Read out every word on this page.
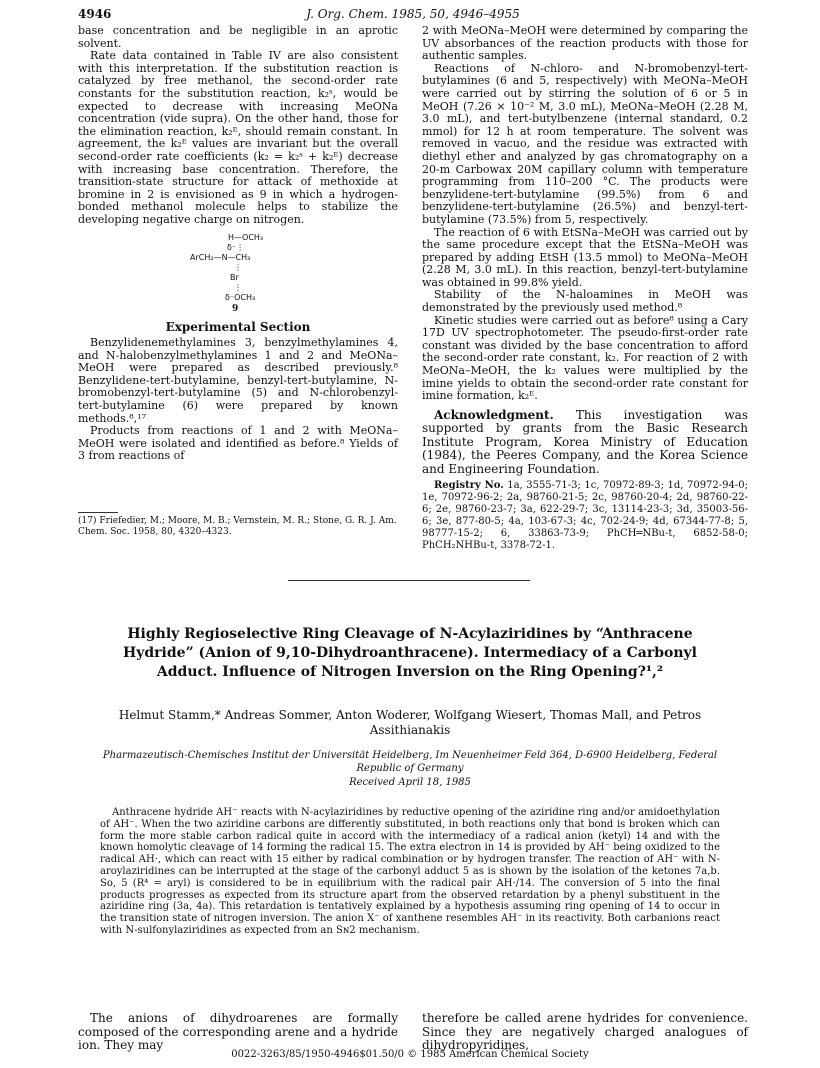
4946	J. Org. Chem. 1985, 50, 4946–4955

base concentration and be negligible in an aprotic solvent.

Rate data contained in Table IV are also consistent with this interpretation. If the substitution reaction is catalyzed by free methanol, the second-order rate constants for the substitution reaction, k₂ˢ, would be expected to decrease with increasing MeONa concentration (vide supra). On the other hand, those for the elimination reaction, k₂ᴱ, should remain constant. In agreement, the k₂ᴱ values are invariant but the overall second-order rate coefficients (k₂ = k₂ˢ + k₂ᴱ) decrease with increasing base concentration. Therefore, the transition-state structure for attack of methoxide at bromine in 2 is envisioned as 9 in which a hydrogen-bonded methanol molecule helps to stabilize the developing negative charge on nitrogen.

H—OCH₃
δ⁻⋮
ArCH₂—N—CH₃
⋮
Br
⋮
δ⁻OCH₃
9
Experimental Section

Benzylidenemethylamines 3, benzylmethylamines 4, and N-halobenzylmethylamines 1 and 2 and MeONa–MeOH were prepared as described previously.⁸ Benzylidene-tert-butylamine, benzyl-tert-butylamine, N-bromobenzyl-tert-butylamine (5) and N-chlorobenzyl-tert-butylamine (6) were prepared by known methods.⁸,¹⁷

Products from reactions of 1 and 2 with MeONa–MeOH were isolated and identified as before.⁸ Yields of 3 from reactions of

(17) Friefedier, M.; Moore, M. B.; Vernstein, M. R.; Stone, G. R. J. Am. Chem. Soc. 1958, 80, 4320–4323.

2 with MeONa–MeOH were determined by comparing the UV absorbances of the reaction products with those for authentic samples.

Reactions of N-chloro- and N-bromobenzyl-tert-butylamines (6 and 5, respectively) with MeONa–MeOH were carried out by stirring the solution of 6 or 5 in MeOH (7.26 × 10⁻² M, 3.0 mL), MeONa–MeOH (2.28 M, 3.0 mL), and tert-butylbenzene (internal standard, 0.2 mmol) for 12 h at room temperature. The solvent was removed in vacuo, and the residue was extracted with diethyl ether and analyzed by gas chromatography on a 20-m Carbowax 20M capillary column with temperature programming from 110–200 °C. The products were benzylidene-tert-butylamine (99.5%) from 6 and benzylidene-tert-butylamine (26.5%) and benzyl-tert-butylamine (73.5%) from 5, respectively.

The reaction of 6 with EtSNa–MeOH was carried out by the same procedure except that the EtSNa–MeOH was prepared by adding EtSH (13.5 mmol) to MeONa–MeOH (2.28 M, 3.0 mL). In this reaction, benzyl-tert-butylamine was obtained in 99.8% yield.

Stability of the N-haloamines in MeOH was demonstrated by the previously used method.⁸

Kinetic studies were carried out as before⁸ using a Cary 17D UV spectrophotometer. The pseudo-first-order rate constant was divided by the base concentration to afford the second-order rate constant, k₂. For reaction of 2 with MeONa–MeOH, the k₂ values were multiplied by the imine yields to obtain the second-order rate constant for imine formation, k₂ᴱ.

Acknowledgment. This investigation was supported by grants from the Basic Research Institute Program, Korea Ministry of Education (1984), the Peeres Company, and the Korea Science and Engineering Foundation.

Registry No. 1a, 3555-71-3; 1c, 70972-89-3; 1d, 70972-94-0; 1e, 70972-96-2; 2a, 98760-21-5; 2c, 98760-20-4; 2d, 98760-22-6; 2e, 98760-23-7; 3a, 622-29-7; 3c, 13114-23-3; 3d, 35003-56-6; 3e, 877-80-5; 4a, 103-67-3; 4c, 702-24-9; 4d, 67344-77-8; 5, 98777-15-2; 6, 33863-73-9; PhCH═NBu-t, 6852-58-0; PhCH₂NHBu-t, 3378-72-1.

Highly Regioselective Ring Cleavage of N-Acylaziridines by “Anthracene Hydride” (Anion of 9,10-Dihydroanthracene). Intermediacy of a Carbonyl Adduct. Influence of Nitrogen Inversion on the Ring Opening?¹,²
Helmut Stamm,* Andreas Sommer, Anton Woderer, Wolfgang Wiesert, Thomas Mall, and Petros Assithianakis
Pharmazeutisch-Chemisches Institut der Universität Heidelberg, Im Neuenheimer Feld 364, D-6900 Heidelberg, Federal Republic of Germany
Received April 18, 1985
Anthracene hydride AH⁻ reacts with N-acylaziridines by reductive opening of the aziridine ring and/or amidoethylation of AH⁻. When the two aziridine carbons are differently substituted, in both reactions only that bond is broken which can form the more stable carbon radical quite in accord with the intermediacy of a radical anion (ketyl) 14 and with the known homolytic cleavage of 14 forming the radical 15. The extra electron in 14 is provided by AH⁻ being oxidized to the radical AH·, which can react with 15 either by radical combination or by hydrogen transfer. The reaction of AH⁻ with N-aroylaziridines can be interrupted at the stage of the carbonyl adduct 5 as is shown by the isolation of the ketones 7a,b. So, 5 (R⁴ = aryl) is considered to be in equilibrium with the radical pair AH·/14. The conversion of 5 into the final products progresses as expected from its structure apart from the observed retardation by a phenyl substituent in the aziridine ring (3a, 4a). This retardation is tentatively explained by a hypothesis assuming ring opening of 14 to occur in the transition state of nitrogen inversion. The anion X⁻ of xanthene resembles AH⁻ in its reactivity. Both carbanions react with N-sulfonylaziridines as expected from an Sɴ2 mechanism.
The anions of dihydroarenes are formally composed of the corresponding arene and a hydride ion. They may
therefore be called arene hydrides for convenience. Since they are negatively charged analogues of dihydropyridines,
0022-3263/85/1950-4946$01.50/0 © 1985 American Chemical Society
